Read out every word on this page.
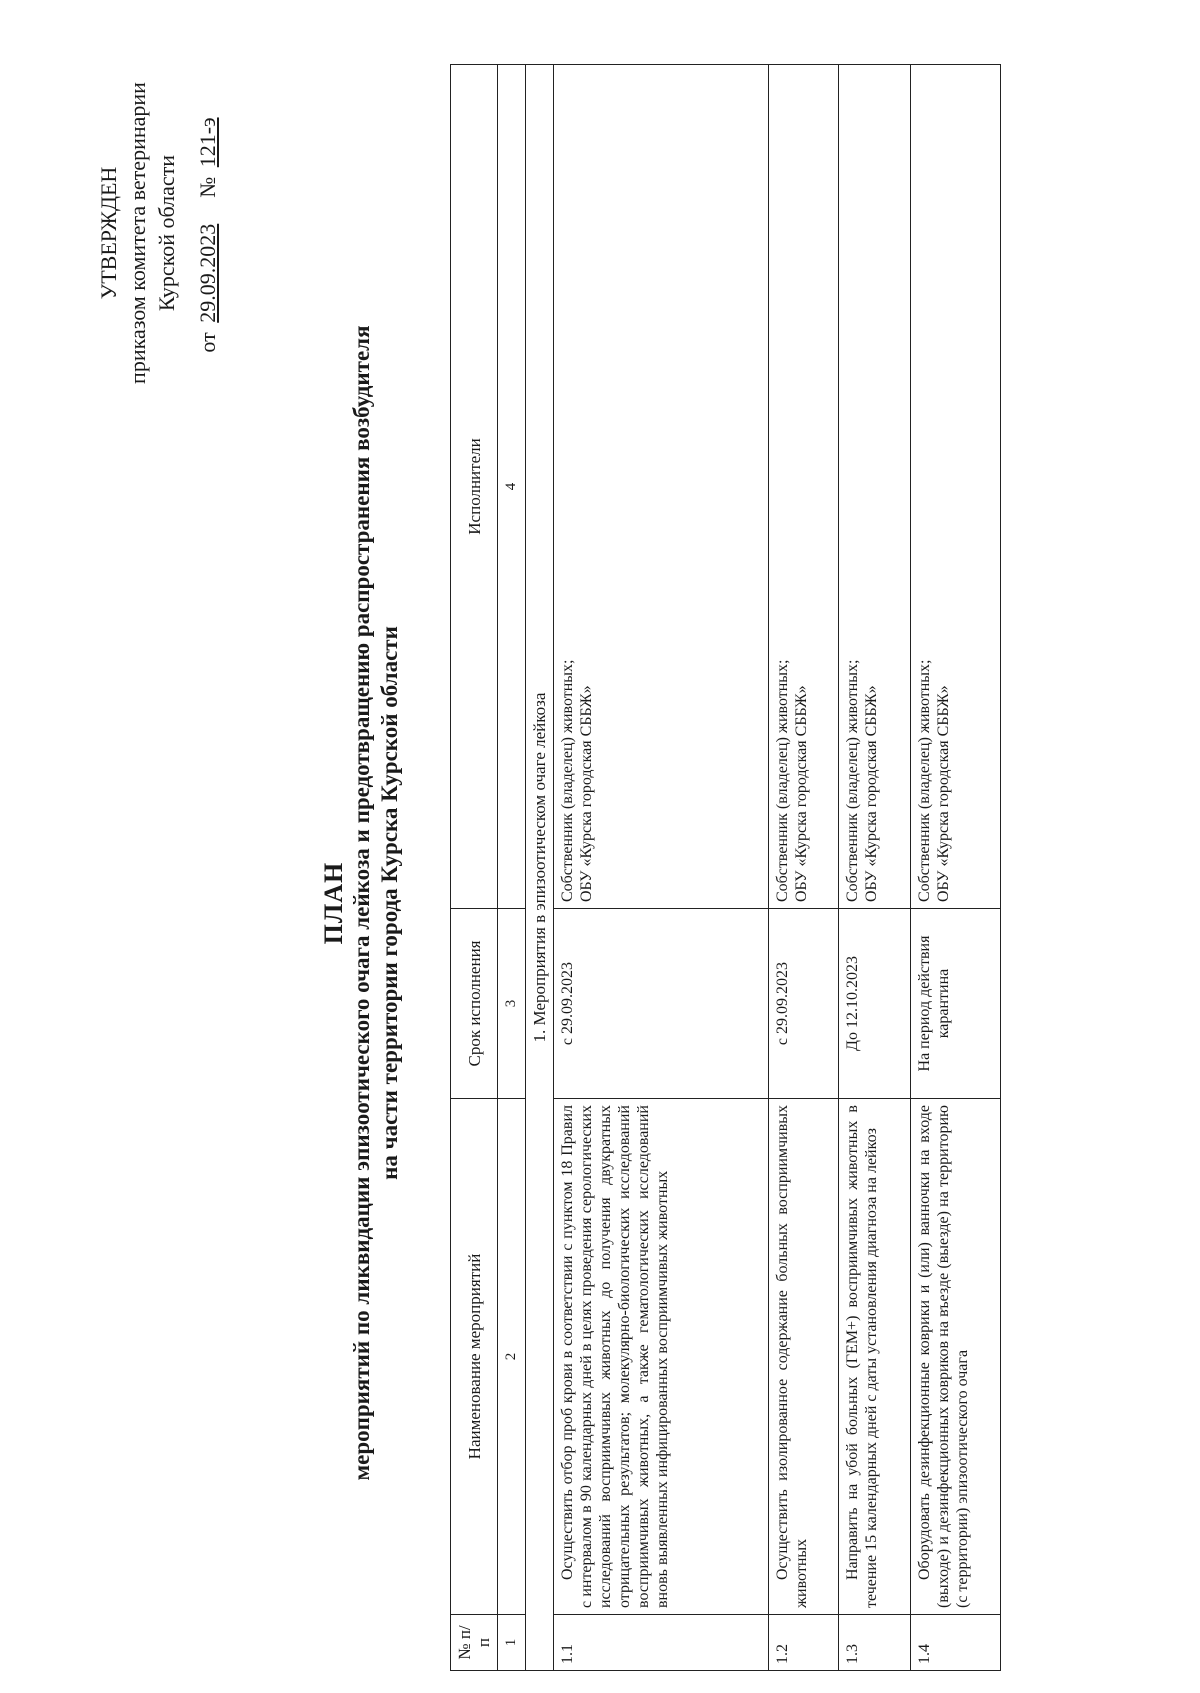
УТВЕРЖДЕН приказом комитета ветеринарии Курской области
от 29.09.2023    № 121-э
ПЛАН мероприятий по ликвидации эпизоотического очага лейкоза и предотвращению распространения возбудителя на части территории города Курска Курской области
№ п/п	Наименование мероприятий	Срок исполнения	Исполнители
1	2	3	4
1. Мероприятия в эпизоотическом очаге лейкоза			
1.1	Осуществить отбор проб крови в соответствии с пунктом 18 Правил с интервалом в 90 календарных дней в целях проведения серологических исследований восприимчивых животных до получения двукратных отрицательных результатов; молекулярно-биологических исследований восприимчивых животных, а также гематологических исследований вновь выявленных инфицированных восприимчивых животных	с 29.09.2023	Собственник (владелец) животных; ОБУ «Курска городская СББЖ»

1.2	Осуществить изолированное содержание больных восприимчивых животных	с 29.09.2023	Собственник (владелец) животных; ОБУ «Курска городская СББЖ»

1.3	Направить на убой больных (ГЕМ+) восприимчивых животных в течение 15 календарных дней с даты установления диагноза на лейкоз	До 12.10.2023	Собственник (владелец) животных; ОБУ «Курска городская СББЖ»

1.4	Оборудовать дезинфекционные коврики и (или) ванночки на входе (выходе) и дезинфекционных ковриков на въезде (выезде) на территорию (с территории) эпизоотического очага	На период действия карантина	Собственник (владелец) животных; ОБУ «Курска городская СББЖ»
